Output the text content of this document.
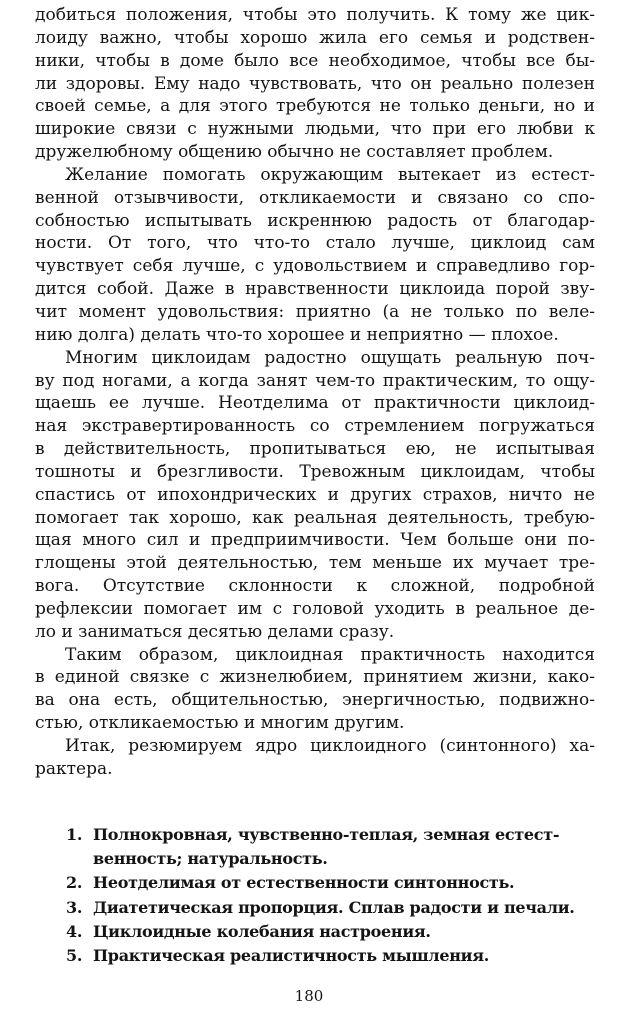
добиться положения, чтобы это получить. К тому же цик-
лоиду важно, чтобы хорошо жила его семья и родствен-
ники, чтобы в доме было все необходимое, чтобы все бы-
ли здоровы. Ему надо чувствовать, что он реально полезен
своей семье, а для этого требуются не только деньги, но и
широкие связи с нужными людьми, что при его любви к
дружелюбному общению обычно не составляет проблем.
Желание помогать окружающим вытекает из естест-
венной отзывчивости, откликаемости и связано со спо-
собностью испытывать искреннюю радость от благодар-
ности. От того, что что-то стало лучше, циклоид сам
чувствует себя лучше, с удовольствием и справедливо гор-
дится собой. Даже в нравственности циклоида порой зву-
чит момент удовольствия: приятно (а не только по веле-
нию долга) делать что-то хорошее и неприятно — плохое.
Многим циклоидам радостно ощущать реальную поч-
ву под ногами, а когда занят чем-то практическим, то ощу-
щаешь ее лучше. Неотделима от практичности циклоид-
ная экстравертированность со стремлением погружаться
в действительность, пропитываться ею, не испытывая
тошноты и брезгливости. Тревожным циклоидам, чтобы
спастись от ипохондрических и других страхов, ничто не
помогает так хорошо, как реальная деятельность, требую-
щая много сил и предприимчивости. Чем больше они по-
глощены этой деятельностью, тем меньше их мучает тре-
вога. Отсутствие склонности к сложной, подробной
рефлексии помогает им с головой уходить в реальное де-
ло и заниматься десятью делами сразу.
Таким образом, циклоидная практичность находится
в единой связке с жизнелюбием, принятием жизни, како-
ва она есть, общительностью, энергичностью, подвижно-
стью, откликаемостью и многим другим.
Итак, резюмируем ядро циклоидного (синтонного) ха-
рактера.
1. Полнокровная, чувственно-теплая, земная естест-
венность; натуральность.
2. Неотделимая от естественности синтонность.
3. Диатетическая пропорция. Сплав радости и печали.
4. Циклоидные колебания настроения.
5. Практическая реалистичность мышления.
180
